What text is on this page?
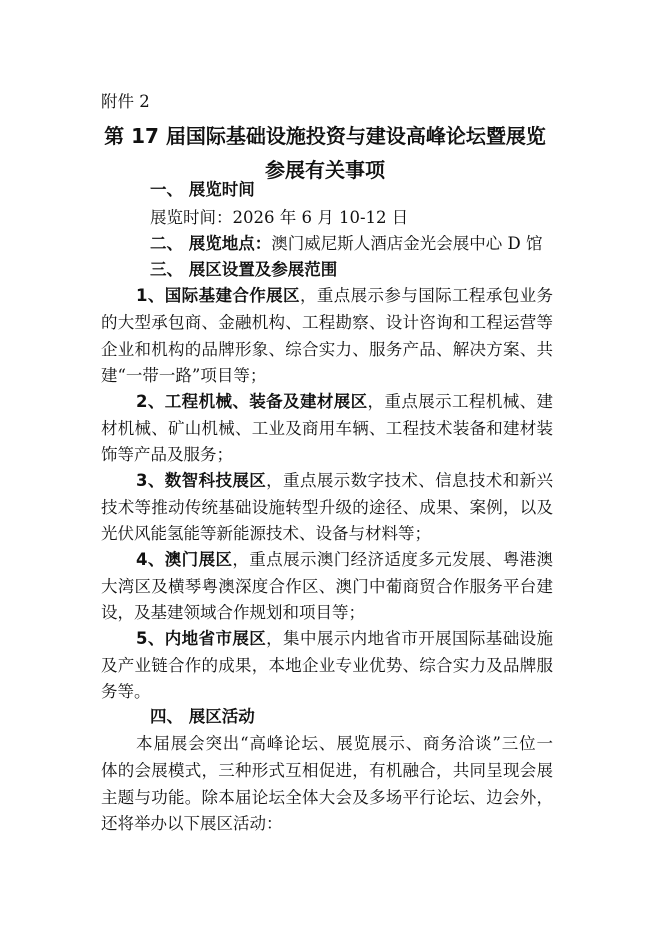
附件 2
第 17 届国际基础设施投资与建设高峰论坛暨展览
参展有关事项
一、 展览时间
展览时间：2026 年 6 月 10-12 日
二、 展览地点：澳门威尼斯人酒店金光会展中心 D 馆
三、 展区设置及参展范围
1、国际基建合作展区，重点展示参与国际工程承包业务
的大型承包商、金融机构、工程勘察、设计咨询和工程运营等
企业和机构的品牌形象、综合实力、服务产品、解决方案、共
建“一带一路”项目等；
2、工程机械、装备及建材展区，重点展示工程机械、建
材机械、矿山机械、工业及商用车辆、工程技术装备和建材装
饰等产品及服务；
3、数智科技展区，重点展示数字技术、信息技术和新兴
技术等推动传统基础设施转型升级的途径、成果、案例，以及
光伏风能氢能等新能源技术、设备与材料等；
4、澳门展区，重点展示澳门经济适度多元发展、粤港澳
大湾区及横琴粤澳深度合作区、澳门中葡商贸合作服务平台建
设，及基建领域合作规划和项目等；
5、内地省市展区，集中展示内地省市开展国际基础设施
及产业链合作的成果，本地企业专业优势、综合实力及品牌服
务等。
四、 展区活动
本届展会突出“高峰论坛、展览展示、商务洽谈”三位一
体的会展模式，三种形式互相促进，有机融合，共同呈现会展
主题与功能。除本届论坛全体大会及多场平行论坛、边会外，
还将举办以下展区活动：
